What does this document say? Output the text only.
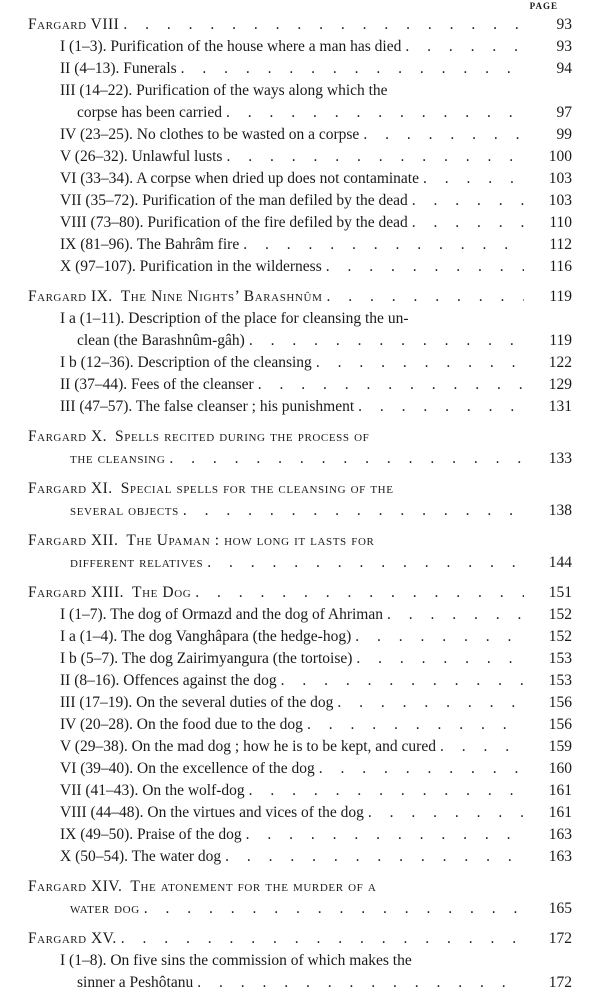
PAGE
Fargard VIII . . .	93
I (1–3). Purification of the house where a man has died . . .	93
II (4–13). Funerals . . .	94
III (14–22). Purification of the ways along which the
corpse has been carried . . .	97
IV (23–25). No clothes to be wasted on a corpse . . .	99
V (26–32). Unlawful lusts . . .	100
VI (33–34). A corpse when dried up does not contaminate . . .	103
VII (35–72). Purification of the man defiled by the dead . . .	103
VIII (73–80). Purification of the fire defiled by the dead . . .	110
IX (81–96). The Bahrâm fire . . .	112
X (97–107). Purification in the wilderness . . .	116
Fargard IX. The Nine Nights’ Barashnûm . . .	119
I a (1–11). Description of the place for cleansing the un-
clean (the Barashnûm-gâh) . . .	119
I b (12–36). Description of the cleansing . . .	122
II (37–44). Fees of the cleanser . . .	129
III (47–57). The false cleanser ; his punishment . . .	131
Fargard X. Spells recited during the process of
the cleansing . . .	133
Fargard XI. Special spells for the cleansing of the
several objects . . .	138
Fargard XII. The Upaman : how long it lasts for
different relatives . . .	144
Fargard XIII. The Dog . . .	151
I (1–7). The dog of Ormazd and the dog of Ahriman . . .	152
I a (1–4). The dog Vanghâpara (the hedge-hog) . . .	152
I b (5–7). The dog Zairimyangura (the tortoise) . . .	153
II (8–16). Offences against the dog . . .	153
III (17–19). On the several duties of the dog . . .	156
IV (20–28). On the food due to the dog . . .	156
V (29–38). On the mad dog ; how he is to be kept, and cured . . .	159
VI (39–40). On the excellence of the dog . . .	160
VII (41–43). On the wolf-dog . . .	161
VIII (44–48). On the virtues and vices of the dog . . .	161
IX (49–50). Praise of the dog . . .	163
X (50–54). The water dog . . .	163
Fargard XIV. The atonement for the murder of a
water dog . . .	165
Fargard XV. . . .	172
I (1–8). On five sins the commission of which makes the
sinner a Peshôtanu . . .	172
